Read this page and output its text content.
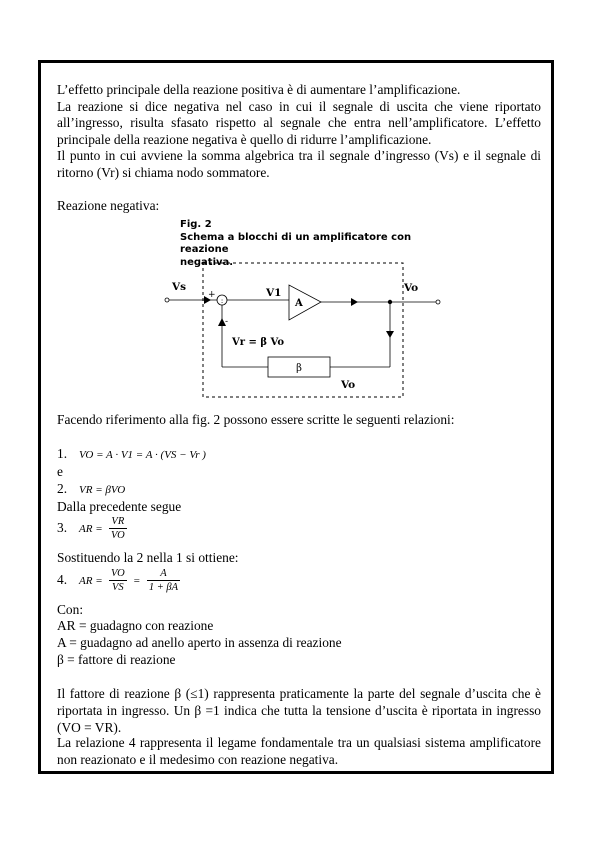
L’effetto principale della reazione positiva è di aumentare l’amplificazione.
La reazione si dice negativa nel caso in cui il segnale di uscita che viene riportato all’ingresso, risulta sfasato rispetto al segnale che entra nell’amplificatore. L’effetto principale della reazione negativa è quello di ridurre l’amplificazione.
Il punto in cui avviene la somma algebrica tra il segnale d’ingresso (Vs) e il segnale di ritorno (Vr) si chiama nodo sommatore.
Reazione negativa:
Fig. 2
Schema a blocchi di un amplificatore con reazione
negativa.
:
Vs
+
-
V1
A
Vo
Vr = β Vo
β
Vo
Facendo riferimento alla fig. 2 possono essere scritte le seguenti relazioni:
1. VO = A · V1 = A · (VS − Vr )
e
2. VR = βVO
Dalla precedente segue
3. AR = $\frac{VR}{VO}$
Sostituendo la 2 nella 1 si ottiene:
4. AR = $\frac{VO}{VS} = \frac{A}{1 + \beta A}$
Con:
AR = guadagno con reazione
A = guadagno ad anello aperto in assenza di reazione
β = fattore di reazione
Il fattore di reazione β (≤1) rappresenta praticamente la parte del segnale d’uscita che è riportata in ingresso. Un β =1 indica che tutta la tensione d’uscita è riportata in ingresso (VO = VR).
La relazione 4 rappresenta il legame fondamentale tra un qualsiasi sistema amplificatore non reazionato e il medesimo con reazione negativa.
